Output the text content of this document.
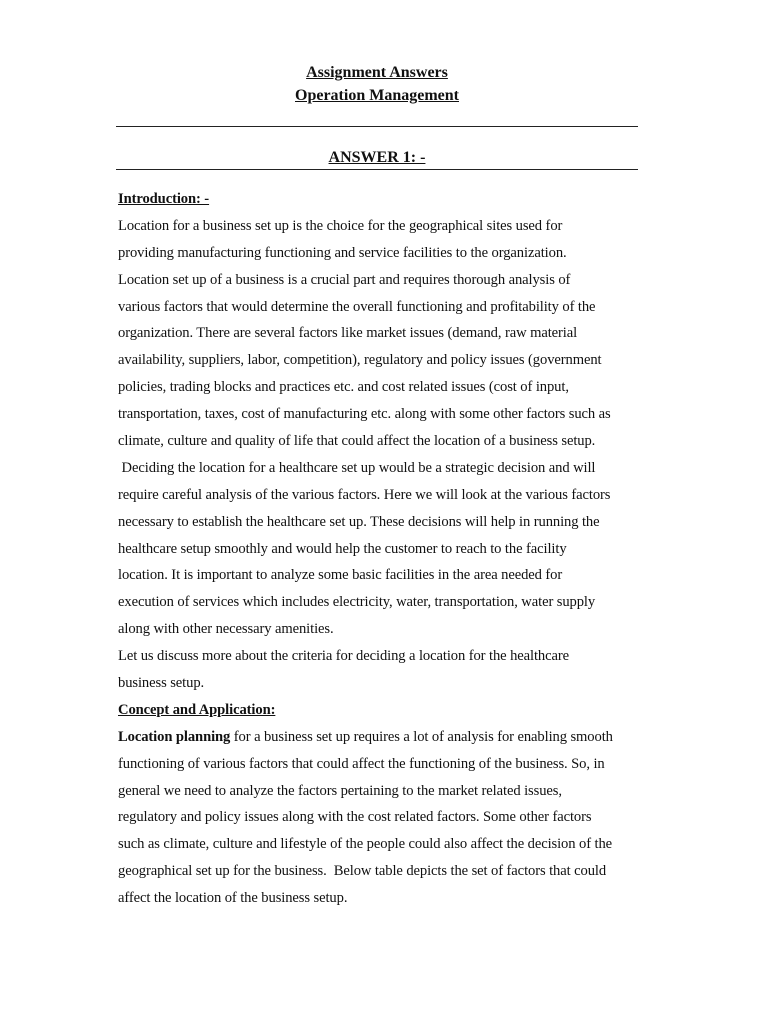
Assignment Answers
Operation Management
ANSWER 1: -
Introduction: -
Location for a business set up is the choice for the geographical sites used for
providing manufacturing functioning and service facilities to the organization.
Location set up of a business is a crucial part and requires thorough analysis of
various factors that would determine the overall functioning and profitability of the
organization. There are several factors like market issues (demand, raw material
availability, suppliers, labor, competition), regulatory and policy issues (government
policies, trading blocks and practices etc. and cost related issues (cost of input,
transportation, taxes, cost of manufacturing etc. along with some other factors such as
climate, culture and quality of life that could affect the location of a business setup.
Deciding the location for a healthcare set up would be a strategic decision and will
require careful analysis of the various factors. Here we will look at the various factors
necessary to establish the healthcare set up. These decisions will help in running the
healthcare setup smoothly and would help the customer to reach to the facility
location. It is important to analyze some basic facilities in the area needed for
execution of services which includes electricity, water, transportation, water supply
along with other necessary amenities.
Let us discuss more about the criteria for deciding a location for the healthcare
business setup.
Concept and Application:
Location planning for a business set up requires a lot of analysis for enabling smooth
functioning of various factors that could affect the functioning of the business. So, in
general we need to analyze the factors pertaining to the market related issues,
regulatory and policy issues along with the cost related factors. Some other factors
such as climate, culture and lifestyle of the people could also affect the decision of the
geographical set up for the business.  Below table depicts the set of factors that could
affect the location of the business setup.
